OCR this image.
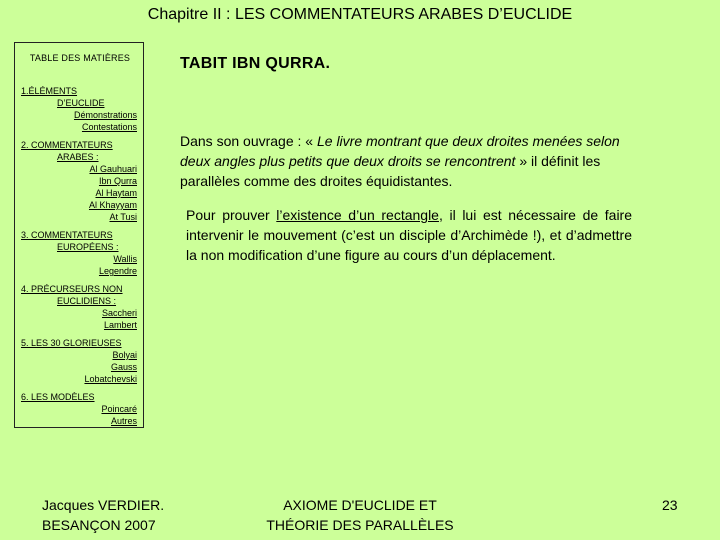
Chapitre II : LES COMMENTATEURS ARABES D’EUCLIDE
TABLE DES MATIÈRES
1.ÉLÉMENTS
D’EUCLIDE
Démonstrations
Contestations
2. COMMENTATEURS
ARABES :
Al Gauhuari
Ibn Qurra
Al Haytam
Al Khayyam
At Tusi
3. COMMENTATEURS
EUROPÉENS :
Wallis
Legendre
4. PRÉCURSEURS NON
EUCLIDIENS :
Saccheri
Lambert
5. LES 30 GLORIEUSES
Bolyai
Gauss
Lobatchevski
6. LES MODÈLES
Poincaré
Autres
TABIT IBN QURRA.
Dans son ouvrage : « Le livre montrant que deux droites menées selon deux angles plus petits que deux droits se rencontrent » il définit les parallèles comme des droites équidistantes.
Pour prouver l’existence d’un rectangle, il lui est nécessaire de faire intervenir le mouvement (c’est un disciple d’Archimède !), et d’admettre la non modification d’une figure au cours d’un déplacement.
Jacques VERDIER.
BESANÇON 2007
AXIOME D'EUCLIDE ET
THÉORIE DES PARALLÈLES
23
